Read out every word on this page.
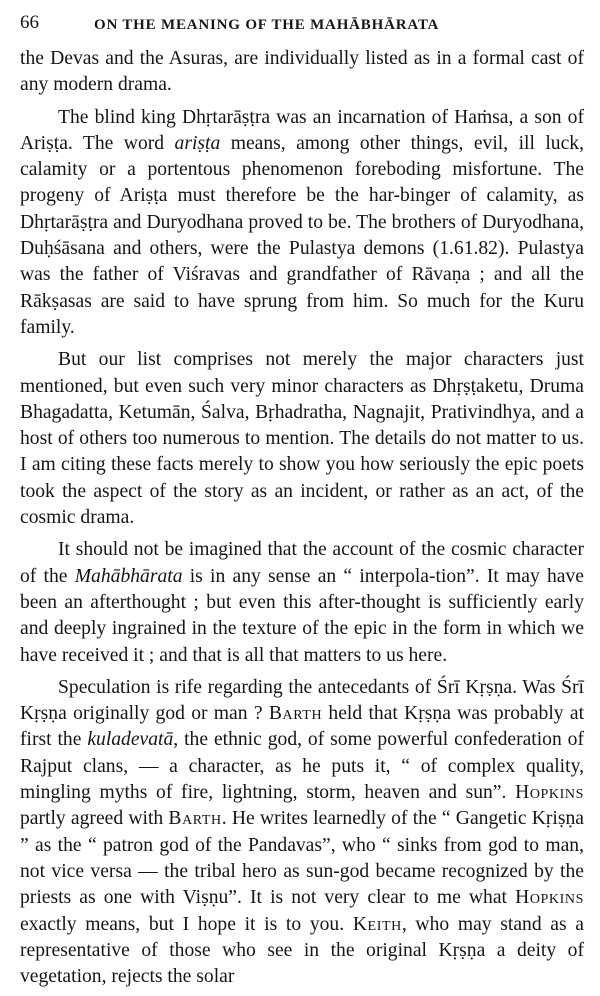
66	ON THE MEANING OF THE MAHĀBHĀRATA

the Devas and the Asuras, are individually listed as in a formal cast of any modern drama.

The blind king Dhṛtarāṣṭra was an incarnation of Haṁsa, a son of Ariṣṭa. The word ariṣṭa means, among other things, evil, ill luck, calamity or a portentous phenomenon foreboding misfortune. The progeny of Ariṣṭa must therefore be the har-binger of calamity, as Dhṛtarāṣṭra and Duryodhana proved to be. The brothers of Duryodhana, Duḥśāsana and others, were the Pulastya demons (1.61.82). Pulastya was the father of Viśravas and grandfather of Rāvaṇa ; and all the Rākṣasas are said to have sprung from him. So much for the Kuru family.

But our list comprises not merely the major characters just mentioned, but even such very minor characters as Dhṛṣṭaketu, Druma Bhagadatta, Ketumān, Śalva, Bṛhadratha, Nagnajit, Prativindhya, and a host of others too numerous to mention. The details do not matter to us. I am citing these facts merely to show you how seriously the epic poets took the aspect of the story as an incident, or rather as an act, of the cosmic drama.

It should not be imagined that the account of the cosmic character of the Mahābhārata is in any sense an “ interpola-tion”. It may have been an afterthought ; but even this after-thought is sufficiently early and deeply ingrained in the texture of the epic in the form in which we have received it ; and that is all that matters to us here.

Speculation is rife regarding the antecedants of Śrī Kṛṣṇa. Was Śrī Kṛṣṇa originally god or man ? Barth held that Kṛṣṇa was probably at first the kuladevatā, the ethnic god, of some powerful confederation of Rajput clans, — a character, as he puts it, “ of complex quality, mingling myths of fire, lightning, storm, heaven and sun”. Hopkins partly agreed with Barth. He writes learnedly of the “ Gangetic Kṛiṣṇa ” as the “ patron god of the Pandavas”, who “ sinks from god to man, not vice versa — the tribal hero as sun-god became recognized by the priests as one with Viṣṇu”. It is not very clear to me what Hopkins exactly means, but I hope it is to you. Keith, who may stand as a representative of those who see in the original Kṛṣṇa a deity of vegetation, rejects the solar
